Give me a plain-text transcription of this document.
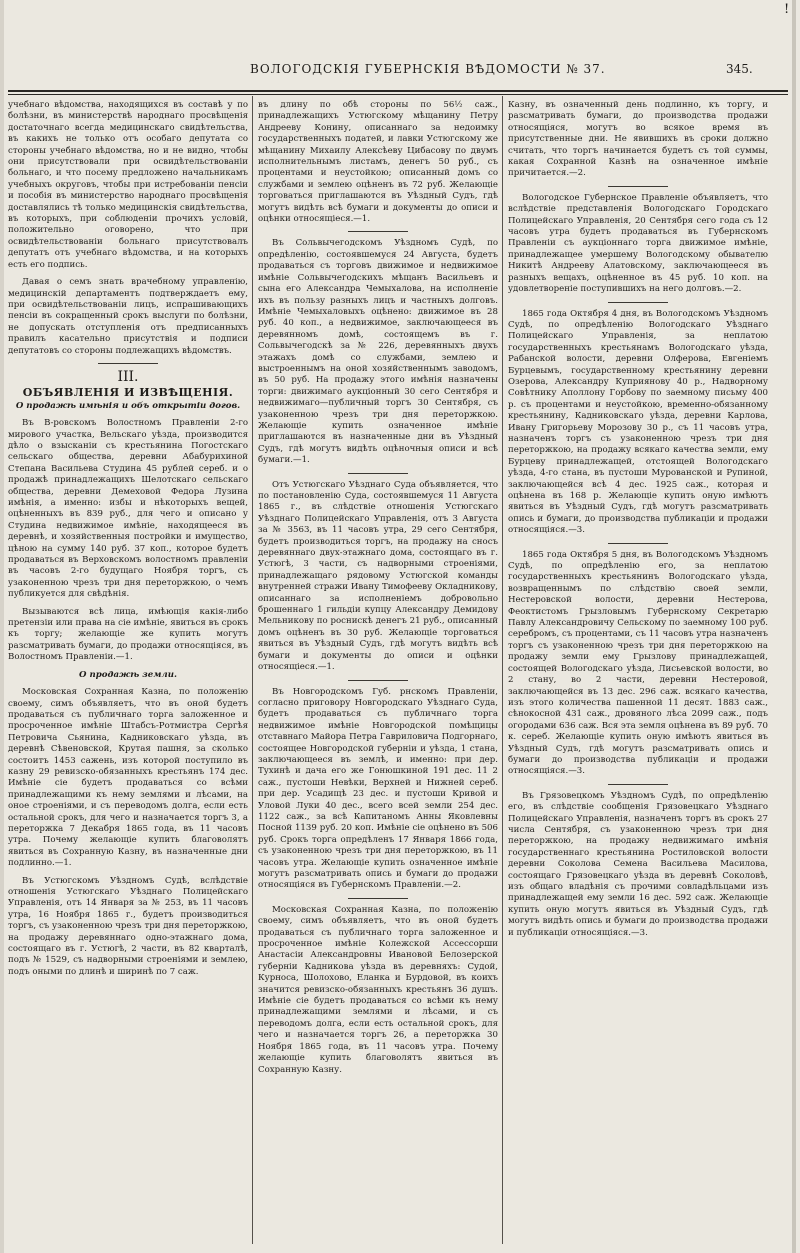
!
ВОЛОГОДСКІЯ ГУБЕРНСКІЯ ВѢДОМОСТИ № 37.	345.

учебнаго вѣдомства, находящихся въ составѣ у по болѣзни, въ министерствѣ народнаго просвѣщенія достаточнаго всегда медицинскаго свидѣтельства, въ какихъ не только отъ особаго депутата со стороны учебнаго вѣдомства, но и не видно, чтобы они присутствовали при освидѣтельствованіи больнаго, и что посему предложено начальникамъ учебныхъ округовъ, чтобы при истребованіи пенсіи и пособія въ министерство народнаго просвѣщенія доставлялись тѣ только медицинскія свидѣтельства, въ которыхъ, при соблюденіи прочихъ условій, положительно оговорено, что при освидѣтельствованіи больнаго присутствовалъ депутатъ отъ учебнаго вѣдомства, и на которыхъ есть его подпись.

Давая о семъ знать врачебному управленію, медицинскій департаментъ подтверждаетъ ему, при освидѣтельствованіи лицъ, испрашивающихъ пенсіи въ сокращенный срокъ выслуги по болѣзни, не допускать отступленія отъ предписанныхъ правилъ касательно присутствія и подписи депутатовъ со стороны подлежащихъ вѣдомствъ.

III.
ОБЪЯВЛЕНІЯ И ИЗВѢЩЕНІЯ.
О продажѣ имѣнія и объ открытіи догов.

Въ В-ровскомъ Волостномъ Правленіи 2-го мирового участка, Вельскаго уѣзда, производится дѣло о взысканіи съ крестьянина Погостскаго сельскаго общества, деревни Абабурихиной Степана Васильева Студина 45 рублей сереб. и о продажѣ принадлежащихъ Шелотскаго сельскаго общества, деревни Демеховой Федора Лузина имѣнія, а именно: избы и нѣкоторыхъ вещей, оцѣненныхъ въ 839 руб., для чего и описано у Студина недвижимое имѣніе, находящееся въ деревнѣ, и хозяйственныя постройки и имущество, цѣною на сумму 140 руб. 37 коп., которое будетъ продаваться въ Верховскомъ волостномъ правленіи въ часовъ 2-го будущаго Ноября торгъ, съ узаконенною чрезъ три дня переторжкою, о чемъ публикуется для свѣдѣнія.

Вызываются всѣ лица, имѣющія какія-либо претензіи или права на сіе имѣніе, явиться въ срокъ къ торгу; желающіе же купить могутъ разсматривать бумаги, до продажи относящіяся, въ Волостномъ Правленіи.—1.

О продажѣ земли.

Московская Сохранная Казна, по положенію своему, симъ объявляетъ, что въ оной будетъ продаваться съ публичнаго торга заложенное и просроченное имѣніе Штабсъ-Ротмистра Сергѣя Петровича Сьянина, Кадниковскаго уѣзда, въ деревнѣ Сѣвеновской, Крутая пашня, за сколько состоитъ 1453 сажень, изъ которой поступило въ казну 29 ревизско-обязанныхъ крестьянъ 174 дес. Имѣніе сіе будетъ продаваться со всѣми принадлежащими къ нему землями и лѣсами, на оное строеніями, и съ переводомъ долга, если есть остальной срокъ, для чего и назначается торгъ 3, а переторжка 7 Декабря 1865 года, въ 11 часовъ утра. Почему желающіе купить благоволятъ явиться въ Сохранную Казну, въ назначенные дни подлинно.—1.

Въ Устюгскомъ Уѣздномъ Судѣ, вслѣдствіе отношенія Устюгскаго Уѣзднаго Полицейскаго Управленія, отъ 14 Января за № 253, въ 11 часовъ утра, 16 Ноября 1865 г., будетъ производиться торгъ, съ узаконенною чрезъ три дня переторжкою, на продажу деревяннаго одно-этажнаго дома, состоящаго въ г. Устюгѣ, 2 части, въ 82 кварталѣ, подъ № 1529, съ надворными строеніями и землею, подъ оными по длинѣ и ширинѣ по 7 саж.

въ длину по обѣ стороны по 56½ саж., принадлежащихъ Устюгскому мѣщанину Петру Андрееву Конину, описаннаго за недоимку государственныхъ податей, и лавки Устюгскому же мѣщанину Михаилу Алексѣеву Цибасову по двумъ исполнительнымъ листамъ, денегъ 50 руб., съ процентами и неустойкою; описанный домъ со службами и землею оцѣненъ въ 72 руб. Желающіе торговаться приглашаются въ Уѣздный Судъ, гдѣ могутъ видѣть всѣ бумаги и документы до описи и оцѣнки относящіеся.—1.

Въ Сольвычегодскомъ Уѣздномъ Судѣ, по опредѣленію, состоявшемуся 24 Августа, будетъ продаваться съ торговъ движимое и недвижимое имѣніе Сольвычегодскихъ мѣщанъ Васильевъ и сына его Александра Чемыхалова, на исполненіе ихъ въ пользу разныхъ лицъ и частныхъ долговъ. Имѣніе Чемыхаловыхъ оцѣнено: движимое въ 28 руб. 40 коп., а недвижимое, заключающееся въ деревянномъ домѣ, состоящемъ въ г. Сольвычегодскѣ за № 226, деревянныхъ двухъ этажахъ домѣ со службами, землею и выстроеннымъ на оной хозяйственнымъ заводомъ, въ 50 руб. На продажу этого имѣнія назначены торги: движимаго аукціонный 30 сего Сентября и недвижимаго—публичный торгъ 30 Сентября, съ узаконенною чрезъ три дня переторжкою. Желающіе купить означенное имѣніе приглашаются въ назначенные дни въ Уѣздный Судъ, гдѣ могутъ видѣть оцѣночныя описи и всѣ бумаги.—1.

Отъ Устюгскаго Уѣзднаго Суда объявляется, что по постановленію Суда, состоявшемуся 11 Августа 1865 г., въ слѣдствіе отношенія Устюгскаго Уѣзднаго Полицейскаго Управленія, отъ 3 Августа за № 3563, въ 11 часовъ утра, 29 сего Сентября, будетъ производиться торгъ, на продажу на сносъ деревяннаго двух-этажнаго дома, состоящаго въ г. Устюгѣ, 3 части, съ надворными строеніями, принадлежащаго рядовому Устюгской команды внутренней стражи Ивану Тимофееву Окладникову, описаннаго за исполненіемъ добровольно брошеннаго 1 гильдіи купцу Александру Демидову Мельникову по роснискѣ денегъ 21 руб., описанный домъ оцѣненъ въ 30 руб. Желающіе торговаться явиться въ Уѣздный Судъ, гдѣ могутъ видѣть всѣ бумаги и документы до описи и оцѣнки относящіеся.—1.

Въ Новгородскомъ Губ. рнскомъ Правленіи, согласно приговору Новгородскаго Уѣзднаго Суда, будетъ продаваться съ публичнаго торга недвижимое имѣніе Новгородской помѣщицы отставнаго Майора Петра Гавриловича Подгорнаго, состоящее Новгородской губерніи и уѣзда, 1 стана, заключающееся въ землѣ, и именно: при дер. Тухинѣ и дача его же Гонюшкиной 191 дес. 11 2 саж., пустоши Невѣки, Верхней и Нижней сереб. при дер. Усадищѣ 23 дес. и пустоши Кривой и Уловой Луки 40 дес., всего всей земли 254 дес. 1122 саж., за всѣ Капитаномъ Анны Яковлевны Посной 1139 руб. 20 коп. Имѣніе сіе оцѣнено въ 506 руб. Срокъ торга опредѣленъ 17 Января 1866 года, съ узаконенною чрезъ три дня переторжкою, въ 11 часовъ утра. Желающіе купить означенное имѣніе могутъ разсматривать опись и бумаги до продажи относящіяся въ Губернскомъ Правленіи.—2.

Московская Сохранная Казна, по положенію своему, симъ объявляетъ, что въ оной будетъ продаваться съ публичнаго торга заложенное и просроченное имѣніе Колежской Ассессорши Анастасіи Александровны Ивановой Белозерской губерніи Кадникова уѣзда въ деревняхъ: Судой, Курноса, Шолохово, Еланка и Бурдовой, въ коихъ значится ревизско-обязанныхъ крестьянъ 36 душъ. Имѣніе сіе будетъ продаваться со всѣми къ нему принадлежащими землями и лѣсами, и съ переводомъ долга, если есть остальной срокъ, для чего и назначается торгъ 26, а переторжка 30 Ноября 1865 года, въ 11 часовъ утра. Почему желающіе купить благоволятъ явиться въ Сохранную Казну.

Казну, въ означенный день подлинно, къ торгу, и разсматривать бумаги, до производства продажи относящіяся, могутъ во всякое время въ присутственные дни. Не явившихъ въ сроки должно считать, что торгъ начинается будетъ съ той суммы, какая Сохранной Казнѣ на означенное имѣніе причитается.—2.

Вологодское Губернское Правленіе объявляетъ, что вслѣдствіе представленія Вологодскаго Городскаго Полицейскаго Управленія, 20 Сентября сего года съ 12 часовъ утра будетъ продаваться въ Губернскомъ Правленіи съ аукціоннаго торга движимое имѣніе, принадлежащее умершему Вологодскому обывателю Никитѣ Андрееву Алатовскому, заключающееся въ разныхъ вещахъ, оцѣненное въ 45 руб. 10 коп. на удовлетвореніе поступившихъ на него долговъ.—2.

1865 года Октября 4 дня, въ Вологодскомъ Уѣздномъ Судѣ, по опредѣленію Вологодскаго Уѣзднаго Полицейскаго Управленія, за неплатою государственныхъ крестьянамъ Вологодскаго уѣзда, Рабанской волости, деревни Олферова, Евгеніемъ Бурцевымъ, государственному крестьянину деревни Озерова, Александру Куприянову 40 р., Надворному Совѣтнику Аполлону Горбову по заемному письму 400 р. съ процентами и неустойкою, временно-обязанному крестьянину, Кадниковскаго уѣзда, деревни Карлова, Ивану Григорьеву Морозову 30 р., съ 11 часовъ утра, назначенъ торгъ съ узаконенною чрезъ три дня переторжкою, на продажу всякаго качества земли, ему Бурцеву принадлежащей, отстоящей Вологодскаго уѣзда, 4-го стана, въ пустоши Мурованской и Рупиной, заключающейся всѣ 4 дес. 1925 саж., которая и оцѣнена въ 168 р. Желающіе купить оную имѣютъ явиться въ Уѣздный Судъ, гдѣ могутъ разсматривать опись и бумаги, до производства публикаціи и продажи относящіяся.—3.

1865 года Октября 5 дня, въ Вологодскомъ Уѣздномъ Судѣ, по опредѣленію его, за неплатою государственныхъ крестьянинъ Вологодскаго уѣзда, возвращеннымъ по слѣдствію своей земли, Нестеровской волости, деревни Нестерова, Феоктистомъ Грызловымъ Губернскому Секретарю Павлу Александровичу Сельскому по заемному 100 руб. серебромъ, съ процентами, съ 11 часовъ утра назначенъ торгъ съ узаконенною чрезъ три дня переторжкою на продажу земли ему Грызлову принадлежащей, состоящей Вологодскаго уѣзда, Лисьевской волости, во 2 стану, во 2 части, деревни Нестеровой, заключающейся въ 13 дес. 296 саж. всякаго качества, изъ этого количества пашенной 11 десят. 1883 саж., сѣнокосной 431 саж., дровяного лѣса 2099 саж., подъ огородами 636 саж. Вся эта земля оцѣнена въ 89 руб. 70 к. сереб. Желающіе купить оную имѣютъ явиться въ Уѣздный Судъ, гдѣ могутъ разсматривать опись и бумаги до производства публикаціи и продажи относящіяся.—3.

Въ Грязовецкомъ Уѣздномъ Судѣ, по опредѣленію его, въ слѣдствіе сообщенія Грязовецкаго Уѣзднаго Полицейскаго Управленія, назначенъ торгъ въ срокъ 27 числа Сентября, съ узаконенною чрезъ три дня переторжкою, на продажу недвижимаго имѣнія государственнаго крестьянина Ростиловской волости деревни Соколова Семена Васильева Масилова, состоящаго Грязовецкаго уѣзда въ деревнѣ Соколовѣ, изъ общаго владѣнія съ прочими совладѣльцами изъ принадлежащей ему земли 16 дес. 592 саж. Желающіе купить оную могутъ явиться въ Уѣздный Судъ, гдѣ могутъ видѣть опись и бумаги до производства продажи и публикаціи относящіяся.—3.
